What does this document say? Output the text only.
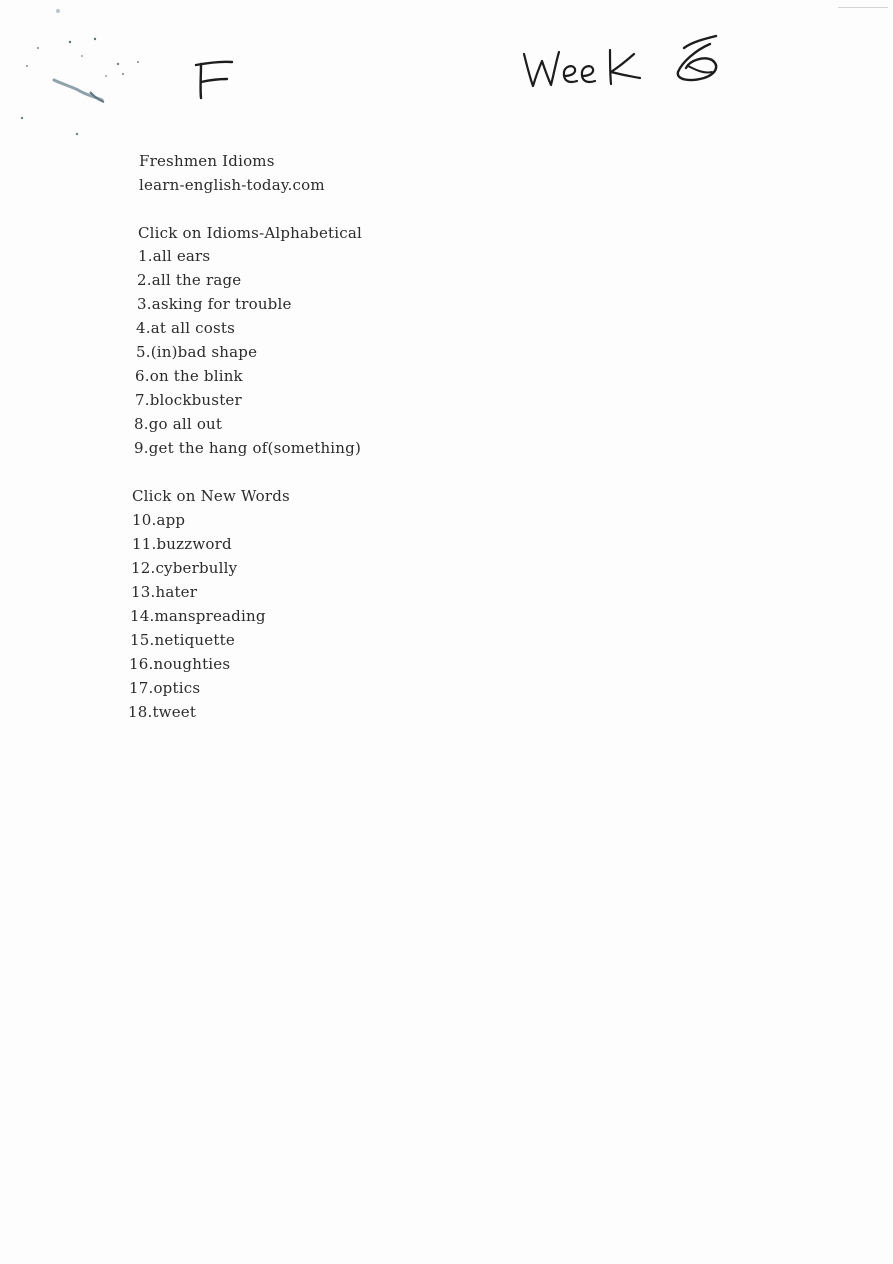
Freshmen Idioms
learn-english-today.com
Click on Idioms-Alphabetical
1.all ears
2.all the rage
3.asking for trouble
4.at all costs
5.(in)bad shape
6.on the blink
7.blockbuster
8.go all out
9.get the hang of(something)
Click on New Words
10.app
11.buzzword
12.cyberbully
13.hater
14.manspreading
15.netiquette
16.noughties
17.optics
18.tweet
